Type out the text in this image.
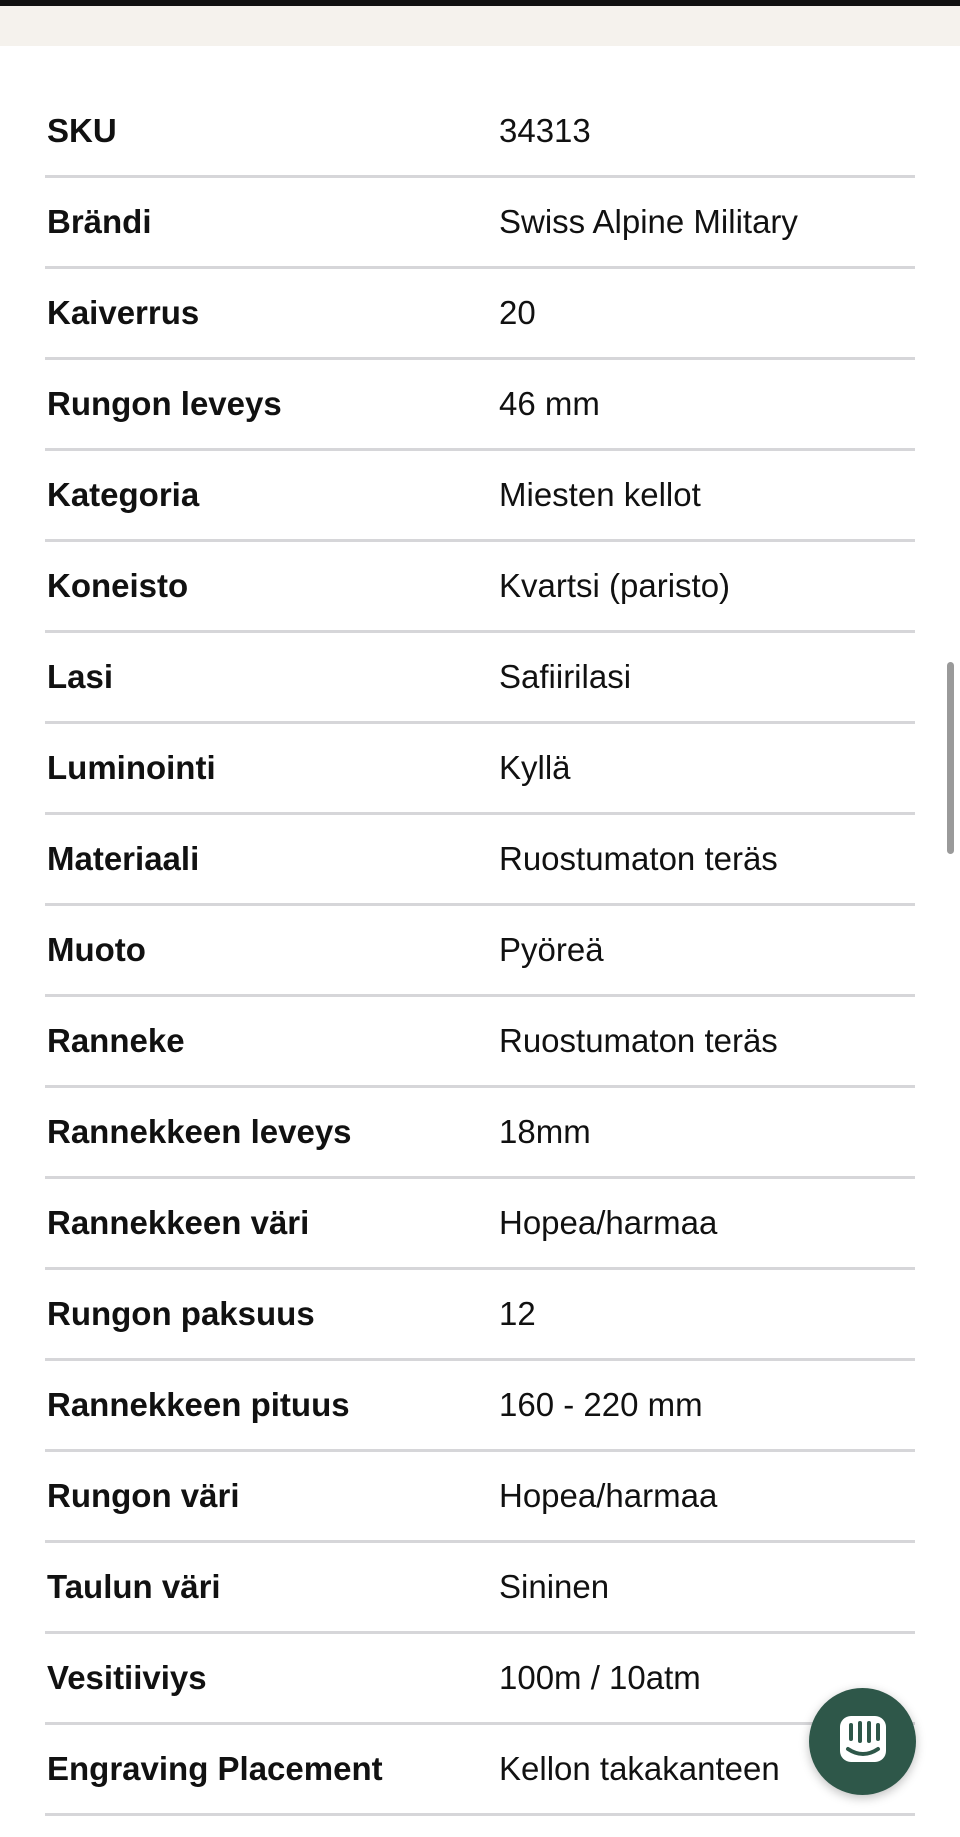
SKU	34313
Brändi	Swiss Alpine Military
Kaiverrus	20
Rungon leveys	46 mm
Kategoria	Miesten kellot
Koneisto	Kvartsi (paristo)
Lasi	Safiirilasi
Luminointi	Kyllä
Materiaali	Ruostumaton teräs
Muoto	Pyöreä
Ranneke	Ruostumaton teräs
Rannekkeen leveys	18mm
Rannekkeen väri	Hopea/harmaa
Rungon paksuus	12
Rannekkeen pituus	160 - 220 mm
Rungon väri	Hopea/harmaa
Taulun väri	Sininen
Vesitiiviys	100m / 10atm
Engraving Placement	Kellon takakanteen
